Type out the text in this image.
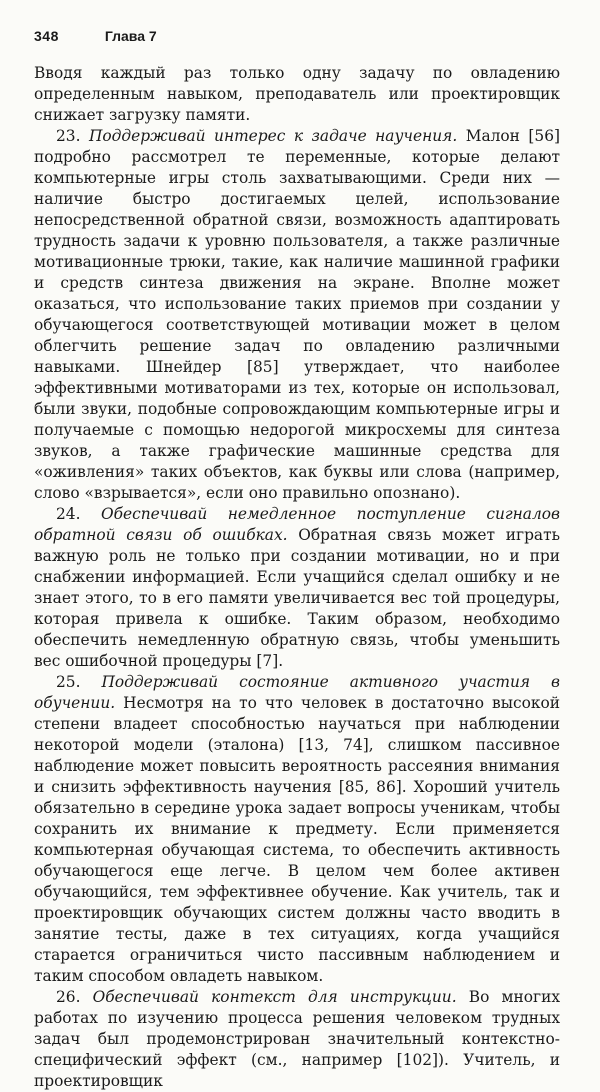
348	Глава 7

Вводя каждый раз только одну задачу по овладению определенным навыком, преподаватель или проектировщик снижает загрузку памяти.

23. Поддерживай интерес к задаче научения. Малон [56] подробно рассмотрел те переменные, которые делают компьютерные игры столь захватывающими. Среди них — наличие быстро достигаемых целей, использование непосредственной обратной связи, возможность адаптировать трудность задачи к уровню пользователя, а также различные мотивационные трюки, такие, как наличие машинной графики и средств синтеза движения на экране. Вполне может оказаться, что использование таких приемов при создании у обучающегося соответствующей мотивации может в целом облегчить решение задач по овладению различными навыками. Шнейдер [85] утверждает, что наиболее эффективными мотиваторами из тех, которые он использовал, были звуки, подобные сопровождающим компьютерные игры и получаемые с помощью недорогой микросхемы для синтеза звуков, а также графические машинные средства для «оживления» таких объектов, как буквы или слова (например, слово «взрывается», если оно правильно опознано).

24. Обеспечивай немедленное поступление сигналов обратной связи об ошибках. Обратная связь может играть важную роль не только при создании мотивации, но и при снабжении информацией. Если учащийся сделал ошибку и не знает этого, то в его памяти увеличивается вес той процедуры, которая привела к ошибке. Таким образом, необходимо обеспечить немедленную обратную связь, чтобы уменьшить вес ошибочной процедуры [7].

25. Поддерживай состояние активного участия в обучении. Несмотря на то что человек в достаточно высокой степени владеет способностью научаться при наблюдении некоторой модели (эталона) [13, 74], слишком пассивное наблюдение может повысить вероятность рассеяния внимания и снизить эффективность научения [85, 86]. Хороший учитель обязательно в середине урока задает вопросы ученикам, чтобы сохранить их внимание к предмету. Если применяется компьютерная обучающая система, то обеспечить активность обучающегося еще легче. В целом чем более активен обучающийся, тем эффективнее обучение. Как учитель, так и проектировщик обучающих систем должны часто вводить в занятие тесты, даже в тех ситуациях, когда учащийся старается ограничиться чисто пассивным наблюдением и таким способом овладеть навыком.

26. Обеспечивай контекст для инструкции. Во многих работах по изучению процесса решения человеком трудных задач был продемонстрирован значительный контекстно-специфический эффект (см., например [102]). Учитель, и проектировщик
